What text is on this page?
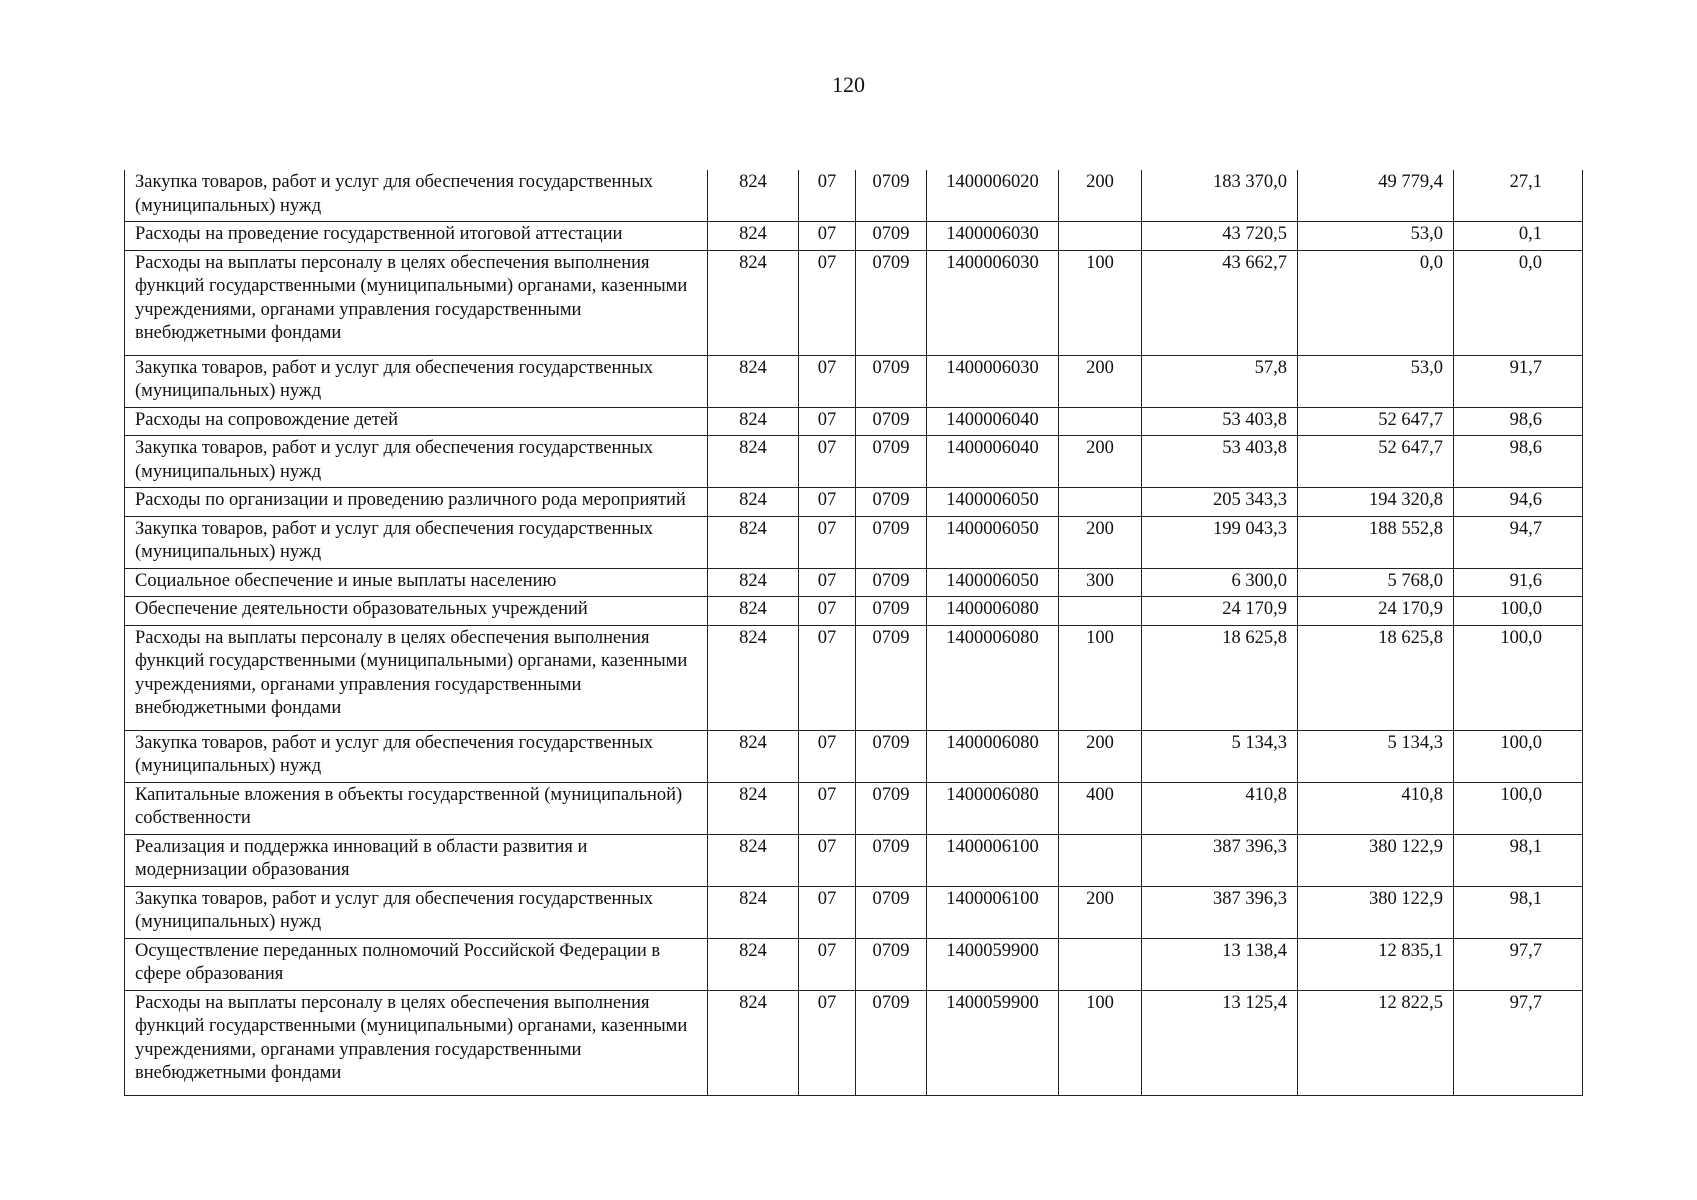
120
Закупка товаров, работ и услуг для обеспечения государственных (муниципальных) нужд	824	07	0709	1400006020	200	183 370,0	49 779,4	27,1
Расходы на проведение государственной итоговой аттестации	824	07	0709	1400006030		43 720,5	53,0	0,1
Расходы на выплаты персоналу в целях обеспечения выполнения функций государственными (муниципальными) органами, казенными учреждениями, органами управления государственными внебюджетными фондами	824	07	0709	1400006030	100	43 662,7	0,0	0,0
Закупка товаров, работ и услуг для обеспечения государственных (муниципальных) нужд	824	07	0709	1400006030	200	57,8	53,0	91,7
Расходы на сопровождение детей	824	07	0709	1400006040		53 403,8	52 647,7	98,6
Закупка товаров, работ и услуг для обеспечения государственных (муниципальных) нужд	824	07	0709	1400006040	200	53 403,8	52 647,7	98,6
Расходы по организации и проведению различного рода мероприятий	824	07	0709	1400006050		205 343,3	194 320,8	94,6
Закупка товаров, работ и услуг для обеспечения государственных (муниципальных) нужд	824	07	0709	1400006050	200	199 043,3	188 552,8	94,7
Социальное обеспечение и иные выплаты населению	824	07	0709	1400006050	300	6 300,0	5 768,0	91,6
Обеспечение деятельности образовательных учреждений	824	07	0709	1400006080		24 170,9	24 170,9	100,0
Расходы на выплаты персоналу в целях обеспечения выполнения функций государственными (муниципальными) органами, казенными учреждениями, органами управления государственными внебюджетными фондами	824	07	0709	1400006080	100	18 625,8	18 625,8	100,0
Закупка товаров, работ и услуг для обеспечения государственных (муниципальных) нужд	824	07	0709	1400006080	200	5 134,3	5 134,3	100,0
Капитальные вложения в объекты государственной (муниципальной) собственности	824	07	0709	1400006080	400	410,8	410,8	100,0
Реализация и поддержка инноваций в области развития и модернизации образования	824	07	0709	1400006100		387 396,3	380 122,9	98,1
Закупка товаров, работ и услуг для обеспечения государственных (муниципальных) нужд	824	07	0709	1400006100	200	387 396,3	380 122,9	98,1
Осуществление переданных полномочий Российской Федерации в сфере образования	824	07	0709	1400059900		13 138,4	12 835,1	97,7
Расходы на выплаты персоналу в целях обеспечения выполнения функций государственными (муниципальными) органами, казенными учреждениями, органами управления государственными внебюджетными фондами	824	07	0709	1400059900	100	13 125,4	12 822,5	97,7
